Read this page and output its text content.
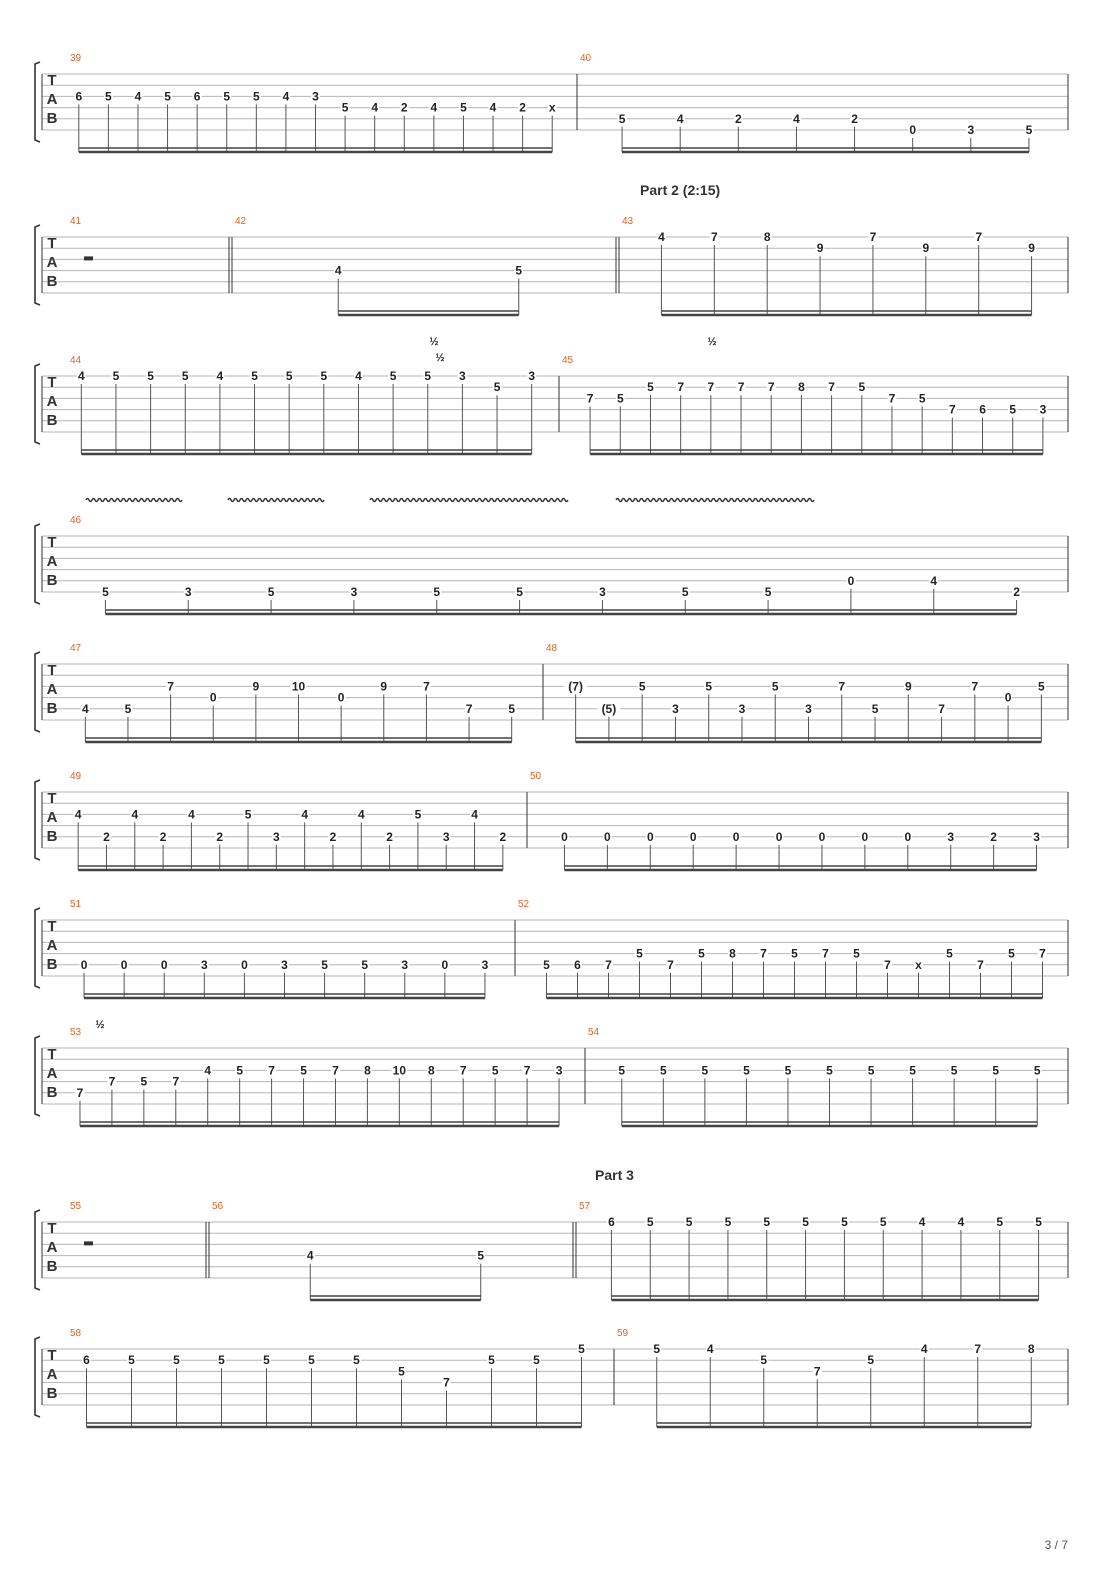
Part 2 (2:15)
Part 3
T
A
B
39
6 5 4 5 6 5 5 4 3
5 4 2 4 5 4 2 x
40
5	4	2	4	2
0	3	5
T
A
B
41	42
4	5
43
4	7	8
9
7
9
7
9
T
A
B
44
4 5 5 5 4 5 5 5 4 5 5 3
5
3
45
7 5
5 7 7 7 7 8 7 5
7 5
7 6 5 3
T
A
B
46
5	3	5	3	5	5	3	5	5
0	4
2
T
A
B
47
4	5
7
0
9	10
0
9	7
7	5
48
(7)
(5)
5
3
5
3
5
3
7
5
9
7
7
0
5
T
A
B
49
4
2
4
2
4
2
5
3
4
2
4
2
5
3
4
2
50
0	0	0	0	0	0	0	0	0	3	2	3
T
A
B
51
0	0	0	3	0	3	5	5	3	0	3
52
5 6 7
5
7
5 8 7 5 7 5
7 x
5
7
5 7
T
A
B
53
7
7 5 7
4 5 7 5 7 8 10 8 7 5 7 3
54
5	5	5	5	5	5	5	5	5	5	5
T
A
B
55	56
4	5
57
6	5	5	5	5	5	5	5	4	4	5	5
T
A
B
58
6	5	5	5	5	5	5
5
7
5	5
5
59
5	4
5
7
5
4	7	8
½
½
½
½
3 / 7
